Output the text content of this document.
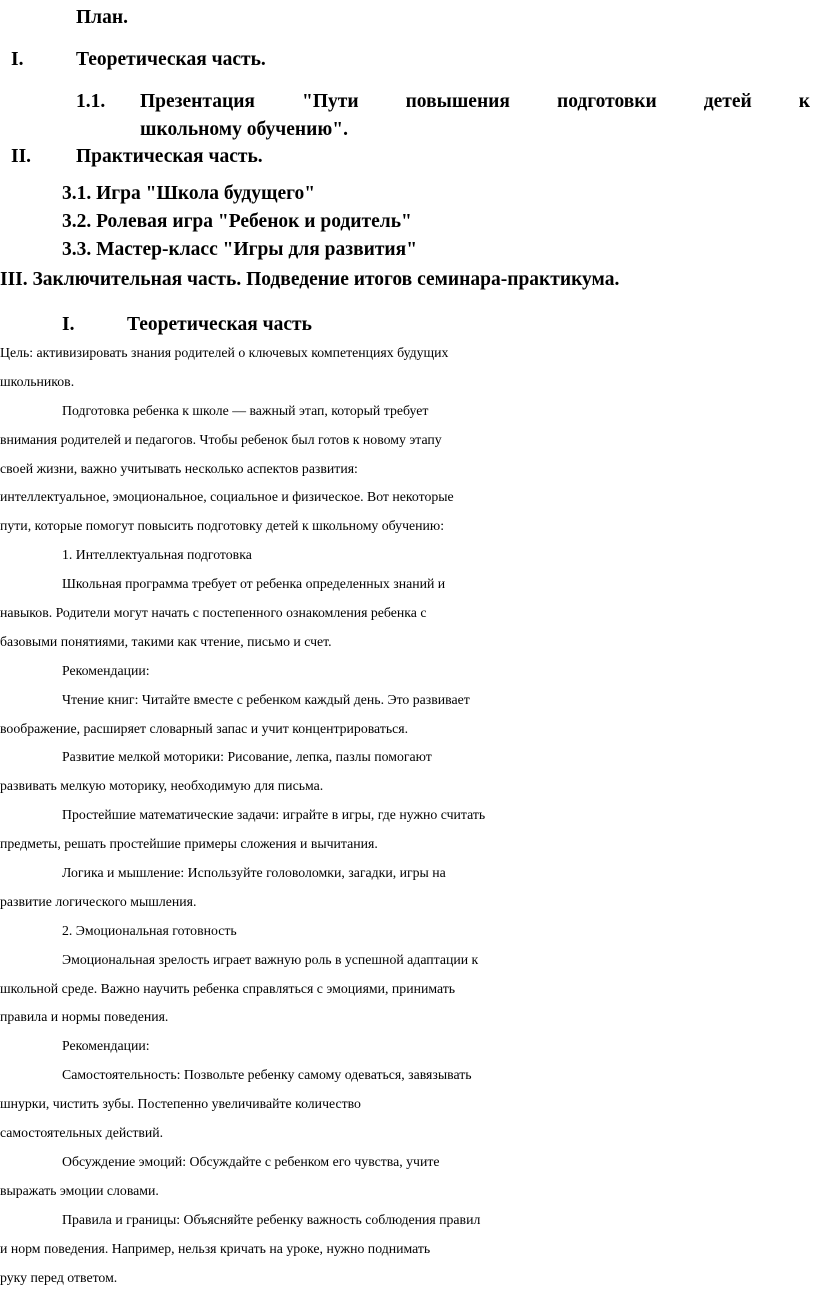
План.
I.	Теоретическая часть.
1.1. Презентация "Пути повышения подготовки детей к
школьному обучению".
II. Практическая часть.
3.1. Игра "Школа будущего"
3.2. Ролевая игра "Ребенок и родитель"
3.3. Мастер-класс "Игры для развития"
III. Заключительная часть. Подведение итогов семинара-практикума.
I.	Теоретическая часть
Цель: активизировать знания родителей о ключевых компетенциях будущих
школьников.
Подготовка ребенка к школе — важный этап, который требует
внимания родителей и педагогов. Чтобы ребенок был готов к новому этапу
своей жизни, важно учитывать несколько аспектов развития:
интеллектуальное, эмоциональное, социальное и физическое. Вот некоторые
пути, которые помогут повысить подготовку детей к школьному обучению:
1. Интеллектуальная подготовка
Школьная программа требует от ребенка определенных знаний и
навыков. Родители могут начать с постепенного ознакомления ребенка с
базовыми понятиями, такими как чтение, письмо и счет.
Рекомендации:
Чтение книг: Читайте вместе с ребенком каждый день. Это развивает
воображение, расширяет словарный запас и учит концентрироваться.
Развитие мелкой моторики: Рисование, лепка, пазлы помогают
развивать мелкую моторику, необходимую для письма.
Простейшие математические задачи: играйте в игры, где нужно считать
предметы, решать простейшие примеры сложения и вычитания.
Логика и мышление: Используйте головоломки, загадки, игры на
развитие логического мышления.
2. Эмоциональная готовность
Эмоциональная зрелость играет важную роль в успешной адаптации к
школьной среде. Важно научить ребенка справляться с эмоциями, принимать
правила и нормы поведения.
Рекомендации:
Самостоятельность: Позвольте ребенку самому одеваться, завязывать
шнурки, чистить зубы. Постепенно увеличивайте количество
самостоятельных действий.
Обсуждение эмоций: Обсуждайте с ребенком его чувства, учите
выражать эмоции словами.
Правила и границы: Объясняйте ребенку важность соблюдения правил
и норм поведения. Например, нельзя кричать на уроке, нужно поднимать
руку перед ответом.
